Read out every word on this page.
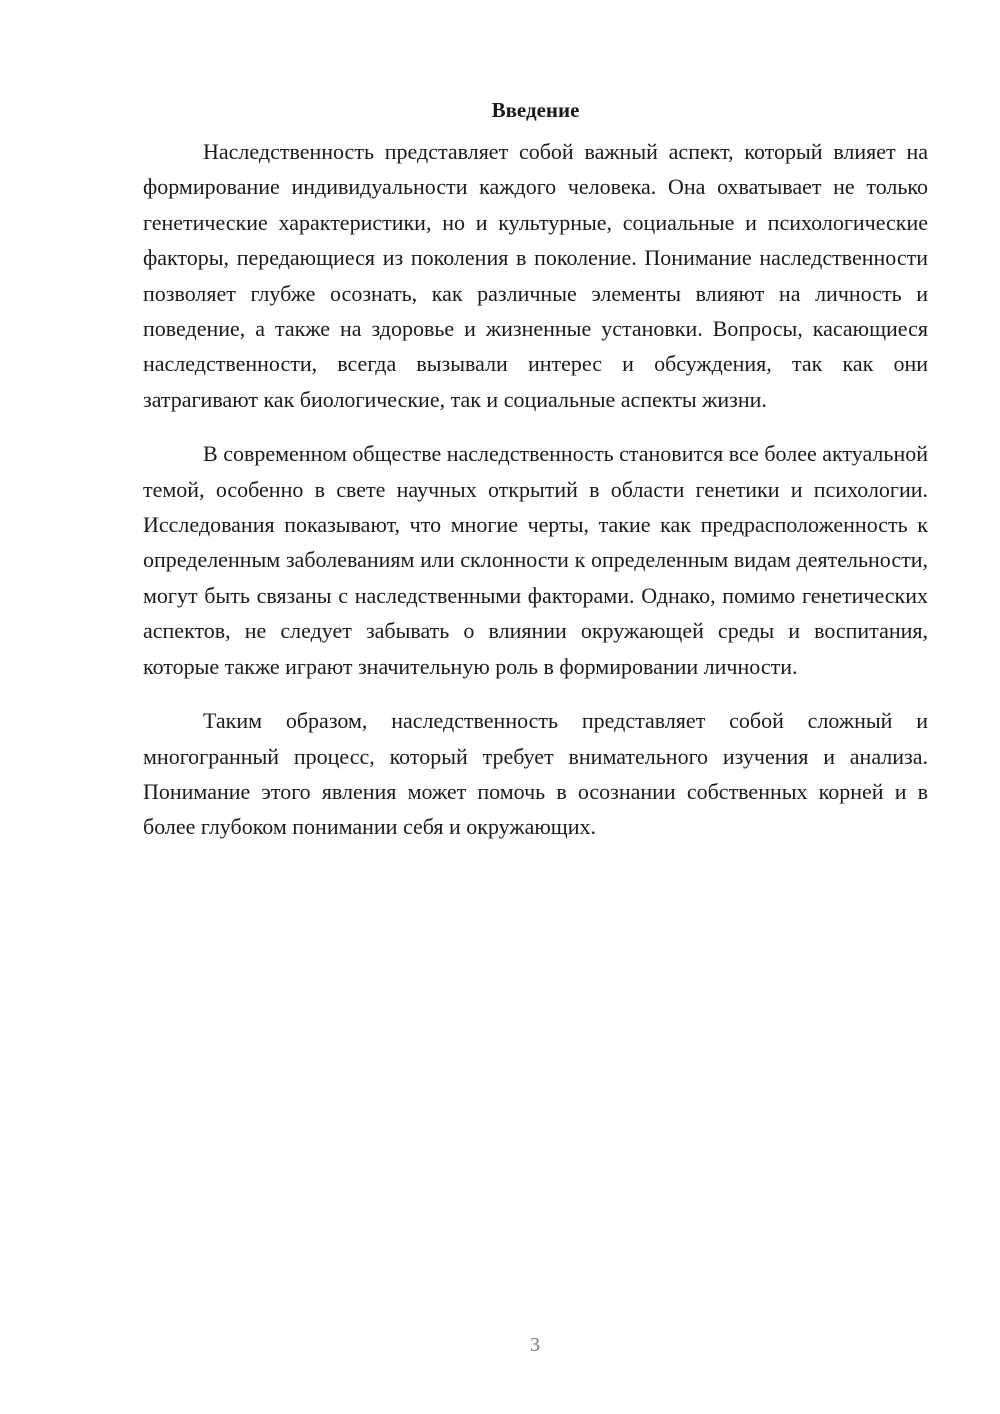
Введение

Наследственность представляет собой важный аспект, который влияет на формирование индивидуальности каждого человека. Она охватывает не только генетические характеристики, но и культурные, социальные и психологические факторы, передающиеся из поколения в поколение. Понимание наследственности позволяет глубже осознать, как различные элементы влияют на личность и поведение, а также на здоровье и жизненные установки. Вопросы, касающиеся наследственности, всегда вызывали интерес и обсуждения, так как они затрагивают как биологические, так и социальные аспекты жизни.

В современном обществе наследственность становится все более актуальной темой, особенно в свете научных открытий в области генетики и психологии. Исследования показывают, что многие черты, такие как предрасположенность к определенным заболеваниям или склонности к определенным видам деятельности, могут быть связаны с наследственными факторами. Однако, помимо генетических аспектов, не следует забывать о влиянии окружающей среды и воспитания, которые также играют значительную роль в формировании личности.

Таким образом, наследственность представляет собой сложный и многогранный процесс, который требует внимательного изучения и анализа. Понимание этого явления может помочь в осознании собственных корней и в более глубоком понимании себя и окружающих.

3
